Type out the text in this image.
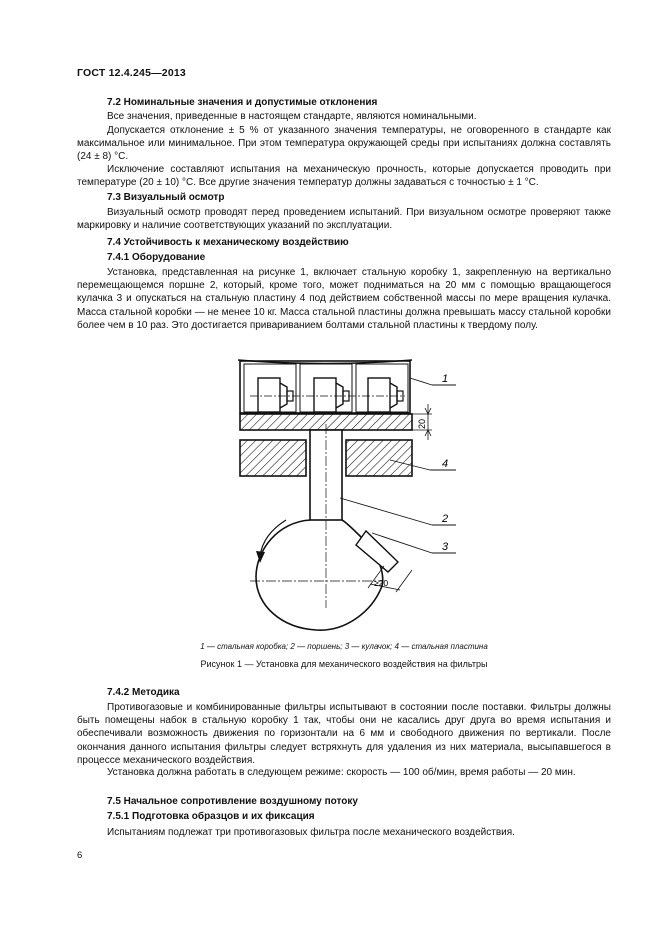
ГОСТ 12.4.245—2013
7.2 Номинальные значения и допустимые отклонения
Все значения, приведенные в настоящем стандарте, являются номинальными.
Допускается отклонение ± 5 % от указанного значения температуры, не оговоренного в стандарте как максимальное или минимальное. При этом температура окружающей среды при испытаниях должна составлять (24 ± 8) °С.
Исключение составляют испытания на механическую прочность, которые допускается проводить при температуре (20 ± 10) °С. Все другие значения температур должны задаваться с точностью ± 1 °С.
7.3 Визуальный осмотр
Визуальный осмотр проводят перед проведением испытаний. При визуальном осмотре проверяют также маркировку и наличие соответствующих указаний по эксплуатации.
7.4 Устойчивость к механическому воздействию
7.4.1 Оборудование
Установка, представленная на рисунке 1, включает стальную коробку 1, закрепленную на вертикально перемещающемся поршне 2, который, кроме того, может подниматься на 20 мм с помощью вращающегося кулачка 3 и опускаться на стальную пластину 4 под действием собственной массы по мере вращения кулачка. Масса стальной коробки — не менее 10 кг. Масса стальной пластины должна превышать массу стальной коробки более чем в 10 раз. Это достигается привариванием болтами стальной пластины к твердому полу.
20
≥20
1
4
2
3
1 — стальная коробка; 2 — поршень; 3 — кулачок; 4 — стальная пластина
Рисунок 1 — Установка для механического воздействия на фильтры
7.4.2 Методика
Противогазовые и комбинированные фильтры испытывают в состоянии после поставки. Фильтры должны быть помещены набок в стальную коробку 1 так, чтобы они не касались друг друга во время испытания и обеспечивали возможность движения по горизонтали на 6 мм и свободного движения по вертикали. После окончания данного испытания фильтры следует встряхнуть для удаления из них материала, высыпавшегося в процессе механического воздействия.
Установка должна работать в следующем режиме: скорость — 100 об/мин, время работы — 20 мин.
7.5 Начальное сопротивление воздушному потоку
7.5.1 Подготовка образцов и их фиксация
Испытаниям подлежат три противогазовых фильтра после механического воздействия.
6
